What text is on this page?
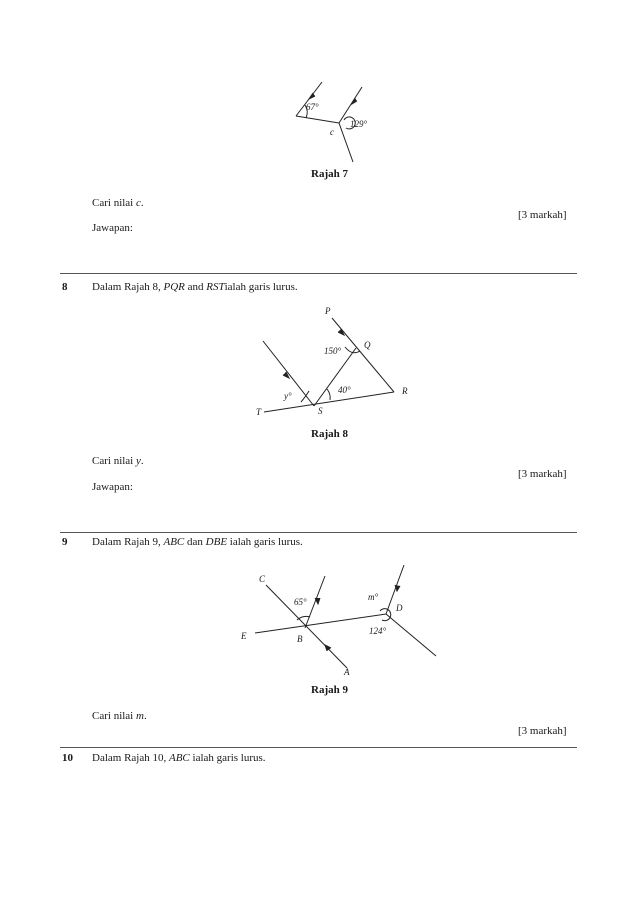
67°
129°
c
Rajah 7
Cari nilai c.
[3 markah]
Jawapan:
8 Dalam Rajah 8, PQR and RSTialah garis lurus.
P
Q
R
S
T
150°
40°
y°
Rajah 8
Cari nilai y.
[3 markah]
Jawapan:
9 Dalam Rajah 9, ABC dan DBE ialah garis lurus.
C
E	B
D
A
65°	m°
124°
Rajah 9
Cari nilai m.
[3 markah]
10 Dalam Rajah 10, ABC ialah garis lurus.
